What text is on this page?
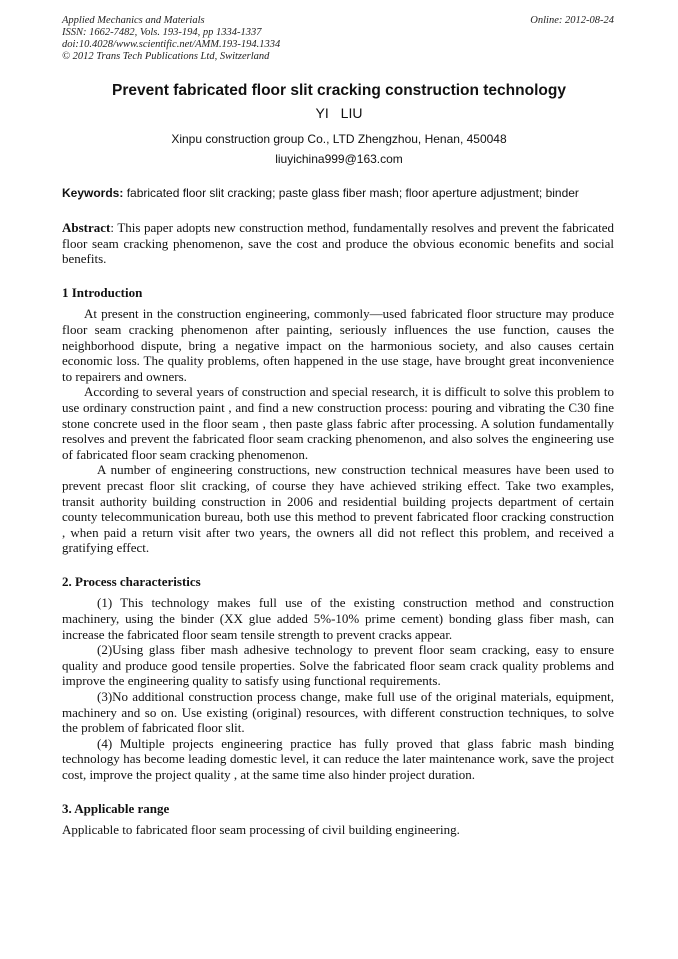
Applied Mechanics and Materials
ISSN: 1662-7482, Vols. 193-194, pp 1334-1337
doi:10.4028/www.scientific.net/AMM.193-194.1334
© 2012 Trans Tech Publications Ltd, Switzerland
Online: 2012-08-24
Prevent fabricated floor slit cracking construction technology
YI LIU
Xinpu construction group Co., LTD Zhengzhou, Henan, 450048
liuyichina999@163.com
Keywords: fabricated floor slit cracking; paste glass fiber mash; floor aperture adjustment; binder

Abstract: This paper adopts new construction method, fundamentally resolves and prevent the fabricated floor seam cracking phenomenon, save the cost and produce the obvious economic benefits and social benefits.

1 Introduction

At present in the construction engineering, commonly—used fabricated floor structure may produce floor seam cracking phenomenon after painting, seriously influences the use function, causes the neighborhood dispute, bring a negative impact on the harmonious society, and also causes certain economic loss. The quality problems, often happened in the use stage, have brought great inconvenience to repairers and owners.

According to several years of construction and special research, it is difficult to solve this problem to use ordinary construction paint , and find a new construction process: pouring and vibrating the C30 fine stone concrete used in the floor seam , then paste glass fabric after processing. A solution fundamentally resolves and prevent the fabricated floor seam cracking phenomenon, and also solves the engineering use of fabricated floor seam cracking phenomenon.

A number of engineering constructions, new construction technical measures have been used to prevent precast floor slit cracking, of course they have achieved striking effect. Take two examples, transit authority building construction in 2006 and residential building projects department of certain county telecommunication bureau, both use this method to prevent fabricated floor cracking construction , when paid a return visit after two years, the owners all did not reflect this problem, and received a gratifying effect.

2. Process characteristics

(1) This technology makes full use of the existing construction method and construction machinery, using the binder (XX glue added 5%-10% prime cement) bonding glass fiber mash, can increase the fabricated floor seam tensile strength to prevent cracks appear.

(2)Using glass fiber mash adhesive technology to prevent floor seam cracking, easy to ensure quality and produce good tensile properties. Solve the fabricated floor seam crack quality problems and improve the engineering quality to satisfy using functional requirements.

(3)No additional construction process change, make full use of the original materials, equipment, machinery and so on. Use existing (original) resources, with different construction techniques, to solve the problem of fabricated floor slit.

(4) Multiple projects engineering practice has fully proved that glass fabric mash binding technology has become leading domestic level, it can reduce the later maintenance work, save the project cost, improve the project quality , at the same time also hinder project duration.

3. Applicable range

Applicable to fabricated floor seam processing of civil building engineering.
